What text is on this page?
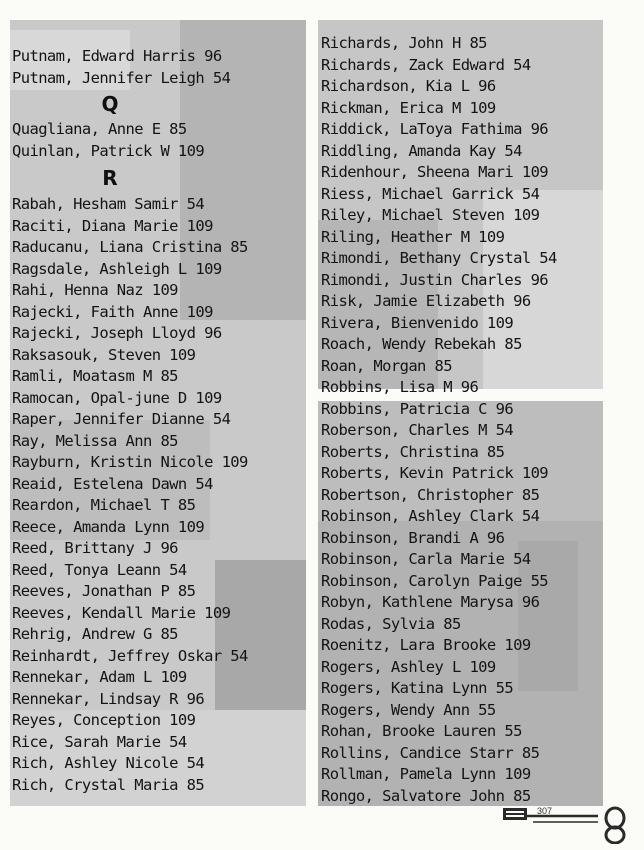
Putnam, Edward Harris 96
Putnam, Jennifer Leigh 54
Q
Quagliana, Anne E 85
Quinlan, Patrick W 109
R
Rabah, Hesham Samir 54
Raciti, Diana Marie 109
Raducanu, Liana Cristina 85
Ragsdale, Ashleigh L 109
Rahi, Henna Naz 109
Rajecki, Faith Anne 109
Rajecki, Joseph Lloyd 96
Raksasouk, Steven 109
Ramli, Moatasm M 85
Ramocan, Opal-june D 109
Raper, Jennifer Dianne 54
Ray, Melissa Ann 85
Rayburn, Kristin Nicole 109
Reaid, Estelena Dawn 54
Reardon, Michael T 85
Reece, Amanda Lynn 109
Reed, Brittany J 96
Reed, Tonya Leann 54
Reeves, Jonathan P 85
Reeves, Kendall Marie 109
Rehrig, Andrew G 85
Reinhardt, Jeffrey Oskar 54
Rennekar, Adam L 109
Rennekar, Lindsay R 96
Reyes, Conception 109
Rice, Sarah Marie 54
Rich, Ashley Nicole 54
Rich, Crystal Maria 85
Richards, John H 85
Richards, Zack Edward 54
Richardson, Kia L 96
Rickman, Erica M 109
Riddick, LaToya Fathima 96
Riddling, Amanda Kay 54
Ridenhour, Sheena Mari 109
Riess, Michael Garrick 54
Riley, Michael Steven 109
Riling, Heather M 109
Rimondi, Bethany Crystal 54
Rimondi, Justin Charles 96
Risk, Jamie Elizabeth 96
Rivera, Bienvenido 109
Roach, Wendy Rebekah 85
Roan, Morgan 85
Robbins, Lisa M 96
Robbins, Patricia C 96
Roberson, Charles M 54
Roberts, Christina 85
Roberts, Kevin Patrick 109
Robertson, Christopher 85
Robinson, Ashley Clark 54
Robinson, Brandi A 96
Robinson, Carla Marie 54
Robinson, Carolyn Paige 55
Robyn, Kathlene Marysa 96
Rodas, Sylvia 85
Roenitz, Lara Brooke 109
Rogers, Ashley L 109
Rogers, Katina Lynn 55
Rogers, Wendy Ann 55
Rohan, Brooke Lauren 55
Rollins, Candice Starr 85
Rollman, Pamela Lynn 109
Rongo, Salvatore John 85
307
